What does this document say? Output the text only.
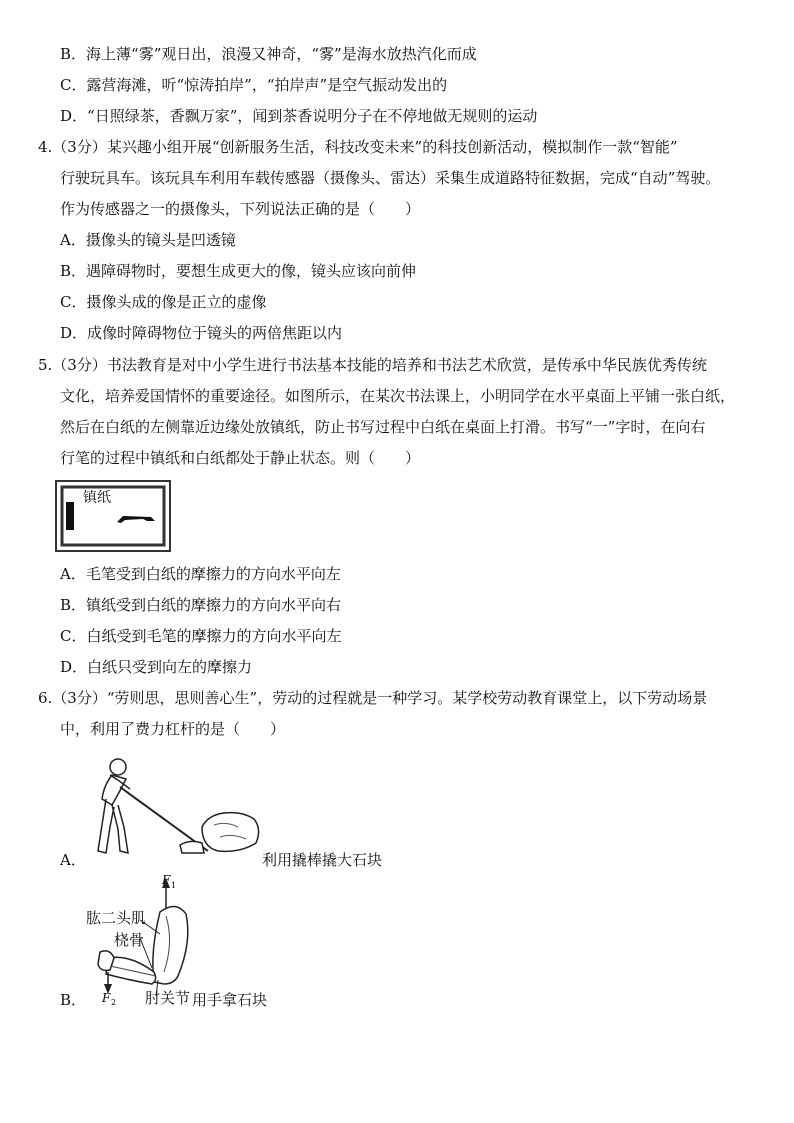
B．海上薄“雾”观日出，浪漫又神奇，“雾”是海水放热汽化而成
C．露营海滩，听“惊涛拍岸”，“拍岸声”是空气振动发出的
D．“日照绿茶，香飘万家”，闻到茶香说明分子在不停地做无规则的运动
4.（3分）某兴趣小组开展“创新服务生活，科技改变未来”的科技创新活动，模拟制作一款“智能”
行驶玩具车。该玩具车利用车载传感器（摄像头、雷达）采集生成道路特征数据，完成“自动”驾驶。
作为传感器之一的摄像头，下列说法正确的是（　　）
A．摄像头的镜头是凹透镜
B．遇障碍物时，要想生成更大的像，镜头应该向前伸
C．摄像头成的像是正立的虚像
D．成像时障碍物位于镜头的两倍焦距以内
5.（3分）书法教育是对中小学生进行书法基本技能的培养和书法艺术欣赏，是传承中华民族优秀传统
文化，培养爱国情怀的重要途径。如图所示，在某次书法课上，小明同学在水平桌面上平铺一张白纸，
然后在白纸的左侧靠近边缘处放镇纸，防止书写过程中白纸在桌面上打滑。书写“一”字时，在向右
行笔的过程中镇纸和白纸都处于静止状态。则（　　）
镇纸
A．毛笔受到白纸的摩擦力的方向水平向左
B．镇纸受到白纸的摩擦力的方向水平向右
C．白纸受到毛笔的摩擦力的方向水平向左
D．白纸只受到向左的摩擦力
6.（3分）“劳则思，思则善心生”，劳动的过程就是一种学习。某学校劳动教育课堂上，以下劳动场景
中，利用了费力杠杆的是（　　）
A．	利用撬棒撬大石块
F 1
F 2
肱二头肌
桡骨
肘关节 用手拿石块
B．
